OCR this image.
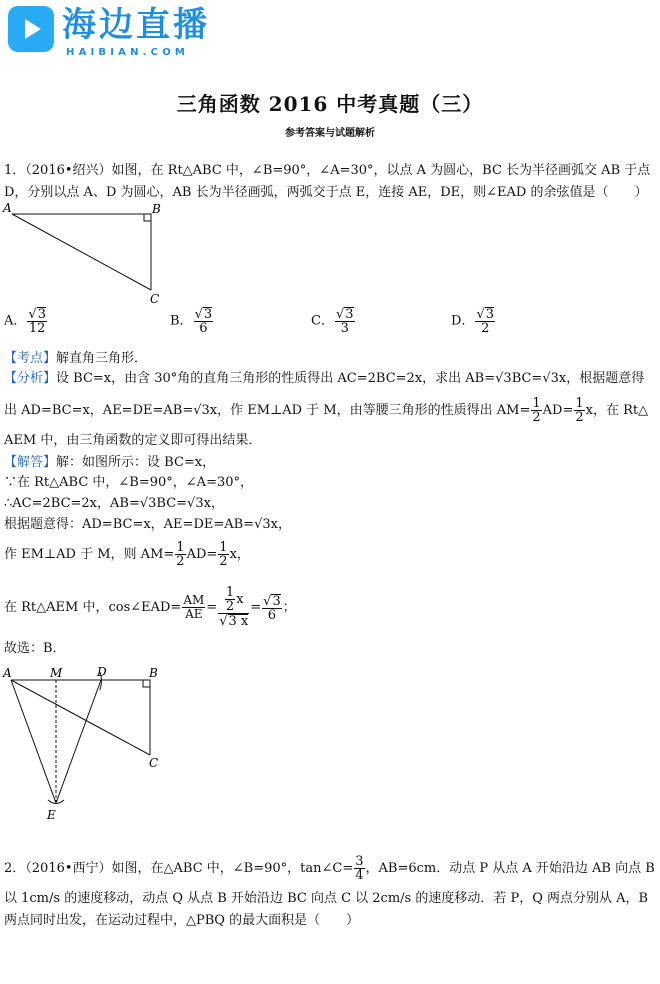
海边直播
HAIBIAN.COM
三角函数 2016 中考真题（三）
参考答案与试题解析
1．（2016•绍兴）如图，在 Rt△ABC 中，∠B=90°，∠A=30°，以点 A 为圆心，BC 长为半径画弧交 AB 于点
D，分别以点 A、D 为圆心，AB 长为半径画弧，两弧交于点 E，连接 AE，DE，则∠EAD 的余弦值是（　　）
A	B
C
A． $\frac{√3}{12}$	B． $\frac{√3}{6}$	C． $\frac{√3}{3}$	D． $\frac{√3}{2}$
【考点】解直角三角形．
【分析】设 BC=x，由含 30°角的直角三角形的性质得出 AC=2BC=2x，求出 AB=√3BC=√3x，根据题意得
出 AD=BC=x，AE=DE=AB=√3x，作 EM⊥AD 于 M，由等腰三角形的性质得出 $AM= \frac{1}{2} AD= \frac{1}{2}$ x，在 Rt△
AEM 中，由三角函数的定义即可得出结果．
【解答】解：如图所示：设 BC=x，
∵在 Rt△ABC 中，∠B=90°，∠A=30°，
∴AC=2BC=2x，AB=√3BC=√3x，
根据题意得：AD=BC=x，AE=DE=AB=√3x，
作 EM⊥AD 于 M，则 $AM= \frac{1}{2} AD= \frac{1}{2}$ x，
在 Rt△AEM 中，cos∠EAD= $\frac{AM}{AE} = \frac{\frac{1}{2} x}{√3 x} = \frac{√3}{6}$ ；
故选：B．
A	M	D	B
C
E
2．（2016•西宁）如图，在△ABC 中，∠B=90°，tan∠C= $\frac{3}{4}$ ，AB=6cm．动点 P 从点 A 开始沿边 AB 向点 B
以 1cm/s 的速度移动，动点 Q 从点 B 开始沿边 BC 向点 C 以 2cm/s 的速度移动．若 P，Q 两点分别从 A，B
两点同时出发，在运动过程中，△PBQ 的最大面积是（　　）
